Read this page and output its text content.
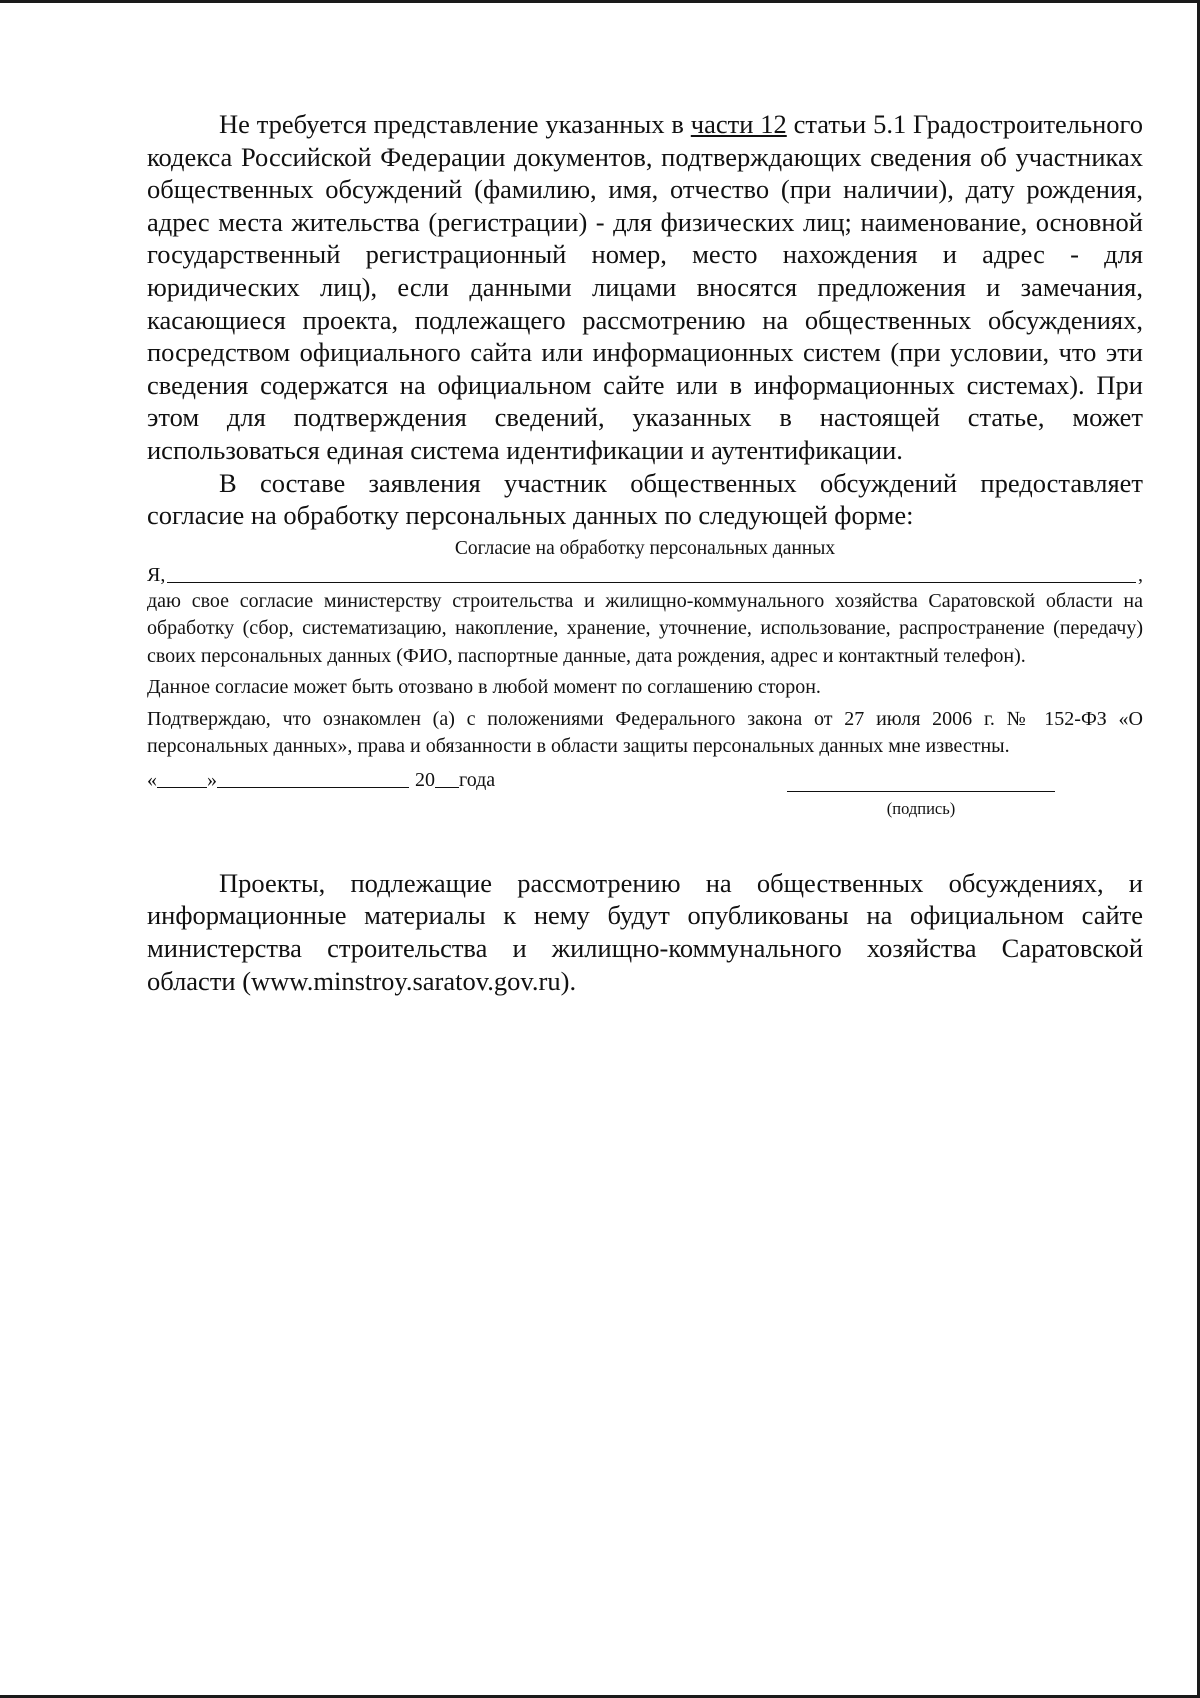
Не требуется представление указанных в части 12 статьи 5.1 Градостроительного кодекса Российской Федерации документов, подтверждающих сведения об участниках общественных обсуждений (фамилию, имя, отчество (при наличии), дату рождения, адрес места жительства (регистрации) - для физических лиц; наименование, основной государственный регистрационный номер, место нахождения и адрес - для юридических лиц), если данными лицами вносятся предложения и замечания, касающиеся проекта, подлежащего рассмотрению на общественных обсуждениях, посредством официального сайта или информационных систем (при условии, что эти сведения содержатся на официальном сайте или в информационных системах). При этом для подтверждения сведений, указанных в настоящей статье, может использоваться единая система идентификации и аутентификации.

В составе заявления участник общественных обсуждений предоставляет согласие на обработку персональных данных по следующей форме:

Согласие на обработку персональных данных

Я,	,

даю свое согласие министерству строительства и жилищно-коммунального хозяйства Саратовской области на обработку (сбор, систематизацию, накопление, хранение, уточнение, использование, распространение (передачу) своих персональных данных (ФИО, паспортные данные, дата рождения, адрес и контактный телефон).

Данное согласие может быть отозвано в любой момент по соглашению сторон.

Подтверждаю, что ознакомлен (а) с положениями Федерального закона от 27 июля 2006 г. № 152-ФЗ «О персональных данных», права и обязанности в области защиты персональных данных мне известны.

«	»	20 года
(подпись)

Проекты, подлежащие рассмотрению на общественных обсуждениях, и информационные материалы к нему будут опубликованы на официальном сайте министерства строительства и жилищно-коммунального хозяйства Саратовской области (www.minstroy.saratov.gov.ru).
